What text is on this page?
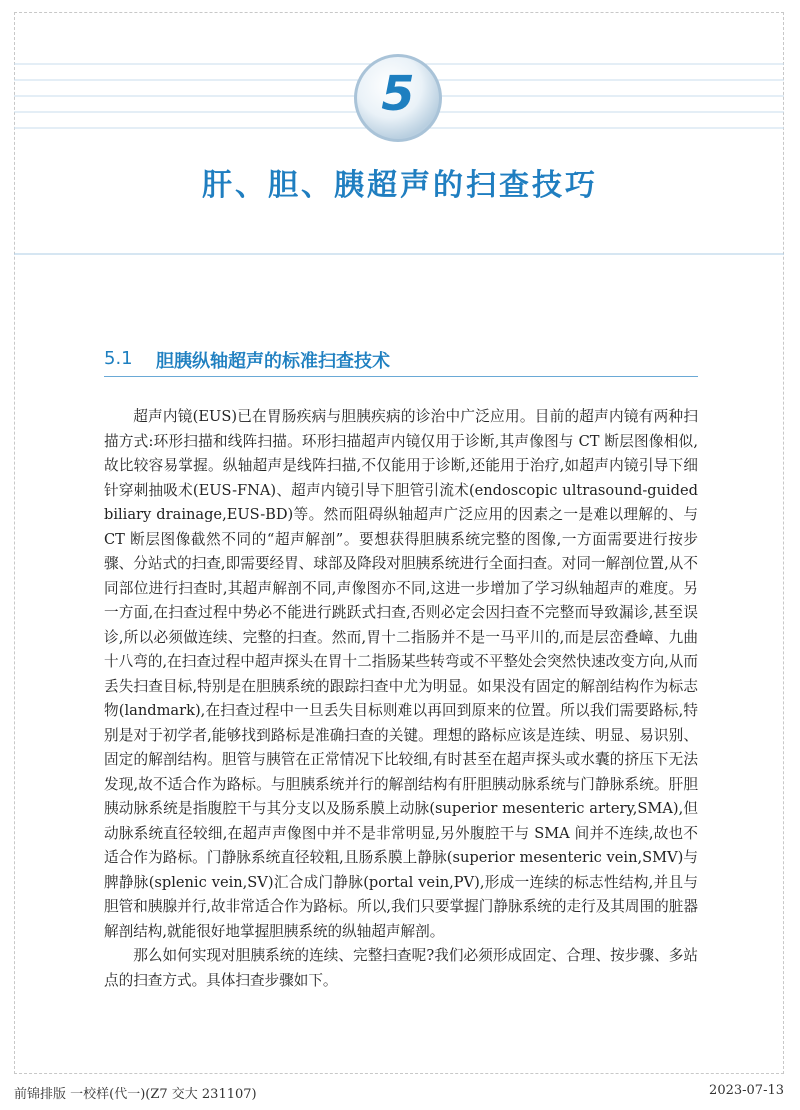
5
肝、胆、胰超声的扫查技巧
5.1 胆胰纵轴超声的标准扫查技术

超声内镜(EUS)已在胃肠疾病与胆胰疾病的诊治中广泛应用。目前的超声内镜有两种扫描方式:环形扫描和线阵扫描。环形扫描超声内镜仅用于诊断,其声像图与 CT 断层图像相似,故比较容易掌握。纵轴超声是线阵扫描,不仅能用于诊断,还能用于治疗,如超声内镜引导下细针穿刺抽吸术(EUS-FNA)、超声内镜引导下胆管引流术(endoscopic ultrasound-guided biliary drainage,EUS-BD)等。然而阻碍纵轴超声广泛应用的因素之一是难以理解的、与 CT 断层图像截然不同的“超声解剖”。要想获得胆胰系统完整的图像,一方面需要进行按步骤、分站式的扫查,即需要经胃、球部及降段对胆胰系统进行全面扫查。对同一解剖位置,从不同部位进行扫查时,其超声解剖不同,声像图亦不同,这进一步增加了学习纵轴超声的难度。另一方面,在扫查过程中势必不能进行跳跃式扫查,否则必定会因扫查不完整而导致漏诊,甚至误诊,所以必须做连续、完整的扫查。然而,胃十二指肠并不是一马平川的,而是层峦叠嶂、九曲十八弯的,在扫查过程中超声探头在胃十二指肠某些转弯或不平整处会突然快速改变方向,从而丢失扫查目标,特别是在胆胰系统的跟踪扫查中尤为明显。如果没有固定的解剖结构作为标志物(landmark),在扫查过程中一旦丢失目标则难以再回到原来的位置。所以我们需要路标,特别是对于初学者,能够找到路标是准确扫查的关键。理想的路标应该是连续、明显、易识别、固定的解剖结构。胆管与胰管在正常情况下比较细,有时甚至在超声探头或水囊的挤压下无法发现,故不适合作为路标。与胆胰系统并行的解剖结构有肝胆胰动脉系统与门静脉系统。肝胆胰动脉系统是指腹腔干与其分支以及肠系膜上动脉(superior mesenteric artery,SMA),但动脉系统直径较细,在超声声像图中并不是非常明显,另外腹腔干与 SMA 间并不连续,故也不适合作为路标。门静脉系统直径较粗,且肠系膜上静脉(superior mesenteric vein,SMV)与脾静脉(splenic vein,SV)汇合成门静脉(portal vein,PV),形成一连续的标志性结构,并且与胆管和胰腺并行,故非常适合作为路标。所以,我们只要掌握门静脉系统的走行及其周围的脏器解剖结构,就能很好地掌握胆胰系统的纵轴超声解剖。

那么如何实现对胆胰系统的连续、完整扫查呢?我们必须形成固定、合理、按步骤、多站点的扫查方式。具体扫查步骤如下。

前锦排版 一校样(代一)(Z7 交大 231107)	2023-07-13
